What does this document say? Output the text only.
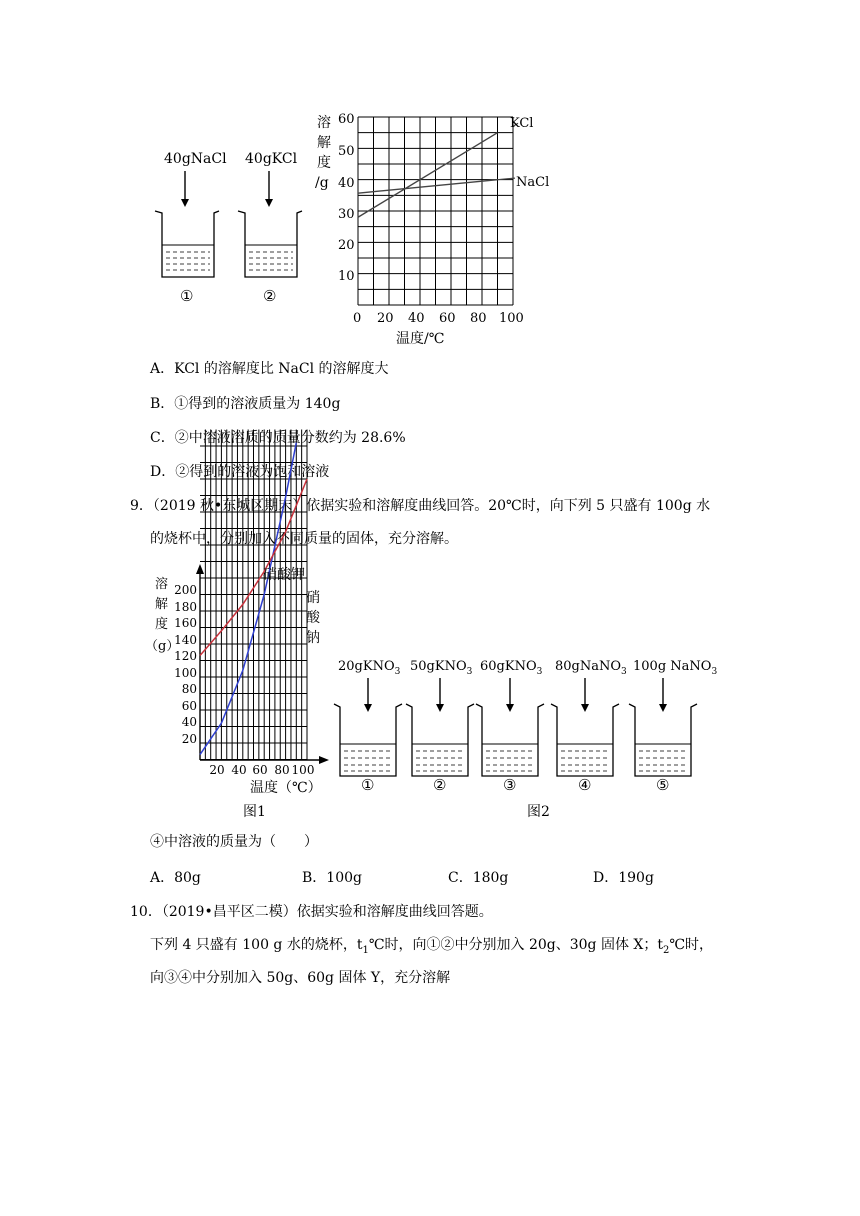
40gNaCl
①
40gKCl
②
溶
解
度
/g
60
50
40
30
20
10
0 20 40 60 80 100
温度/℃
KCl
NaCl
A．KCl 的溶解度比 NaCl 的溶解度大
B．①得到的溶液质量为 140g
C．②中溶液溶质的质量分数约为 28.6%
D．②得到的溶液为饱和溶液
9．（2019 秋•东城区期末）依据实验和溶解度曲线回答。20℃时，向下列 5 只盛有 100g 水
的烧杯中，分别加入不同质量的固体，充分溶解。
溶
解
度
（g）
200
180
160
140
120
100
80
60
40
20
20 40 60 80 100
温度（℃）
硝酸钾
硝
酸
钠
图1
20gKNO$_3$
①
50gKNO$_3$
②
60gKNO$_3$
③
80gNaNO$_3$
④
100g NaNO$_3$
⑤
图2
④中溶液的质量为（　　）
A．80g	B．100g	C．180g	D．190g
10．（2019•昌平区二模）依据实验和溶解度曲线回答题。
下列 4 只盛有 100 g 水的烧杯，$t_1℃$时，向①②中分别加入 20g、30g 固体 X；$t_2℃$时，
向③④中分别加入 50g、60g 固体 Y，充分溶解
